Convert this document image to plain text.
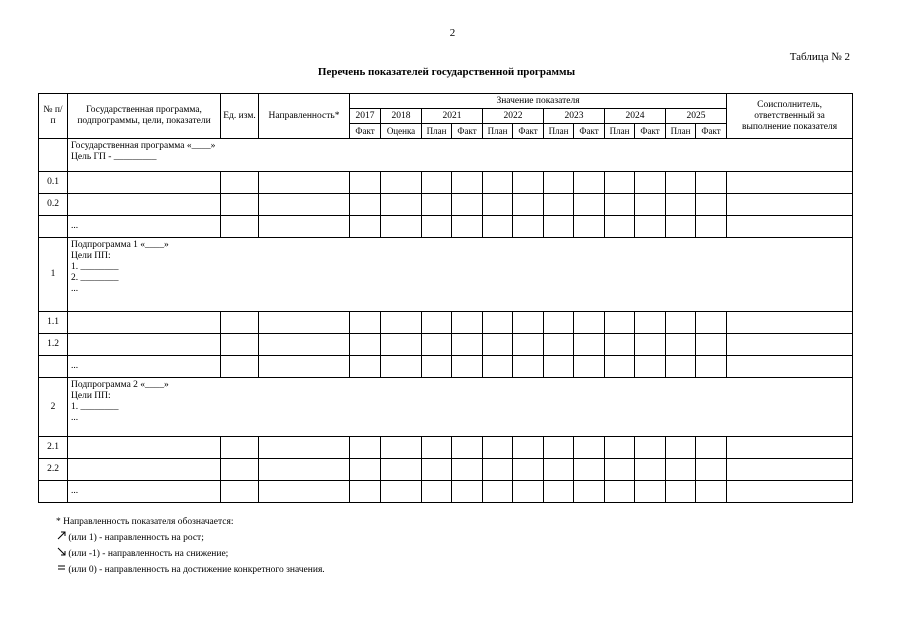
2
Таблица № 2
Перечень показателей государственной программы
№ п/п	Государственная программа, подпрограммы, цели, показатели	Ед. изм.	Направленность*	Значение показателя												Соисполнитель, ответственный за выполнение показателя
				2017	2018	2021		2022		2023		2024		2025		
				Факт	Оценка	План	Факт	План	Факт	План	Факт	План	Факт	План	Факт	

	Государственная программа «____»
Цель ГП - _________															

0.1																
0.2																
	...															
1	Подпрограмма 1 «____»
Цели ПП:
1. ________
2. ________
...															

1.1																
1.2																
	...															
2	Подпрограмма 2 «____»
Цели ПП:
1. ________
...															

2.1																
2.2																
	...															
* Направленность показателя обозначается:
(или 1) - направленность на рост;
(или -1) - направленность на снижение;
(или 0) - направленность на достижение конкретного значения.
